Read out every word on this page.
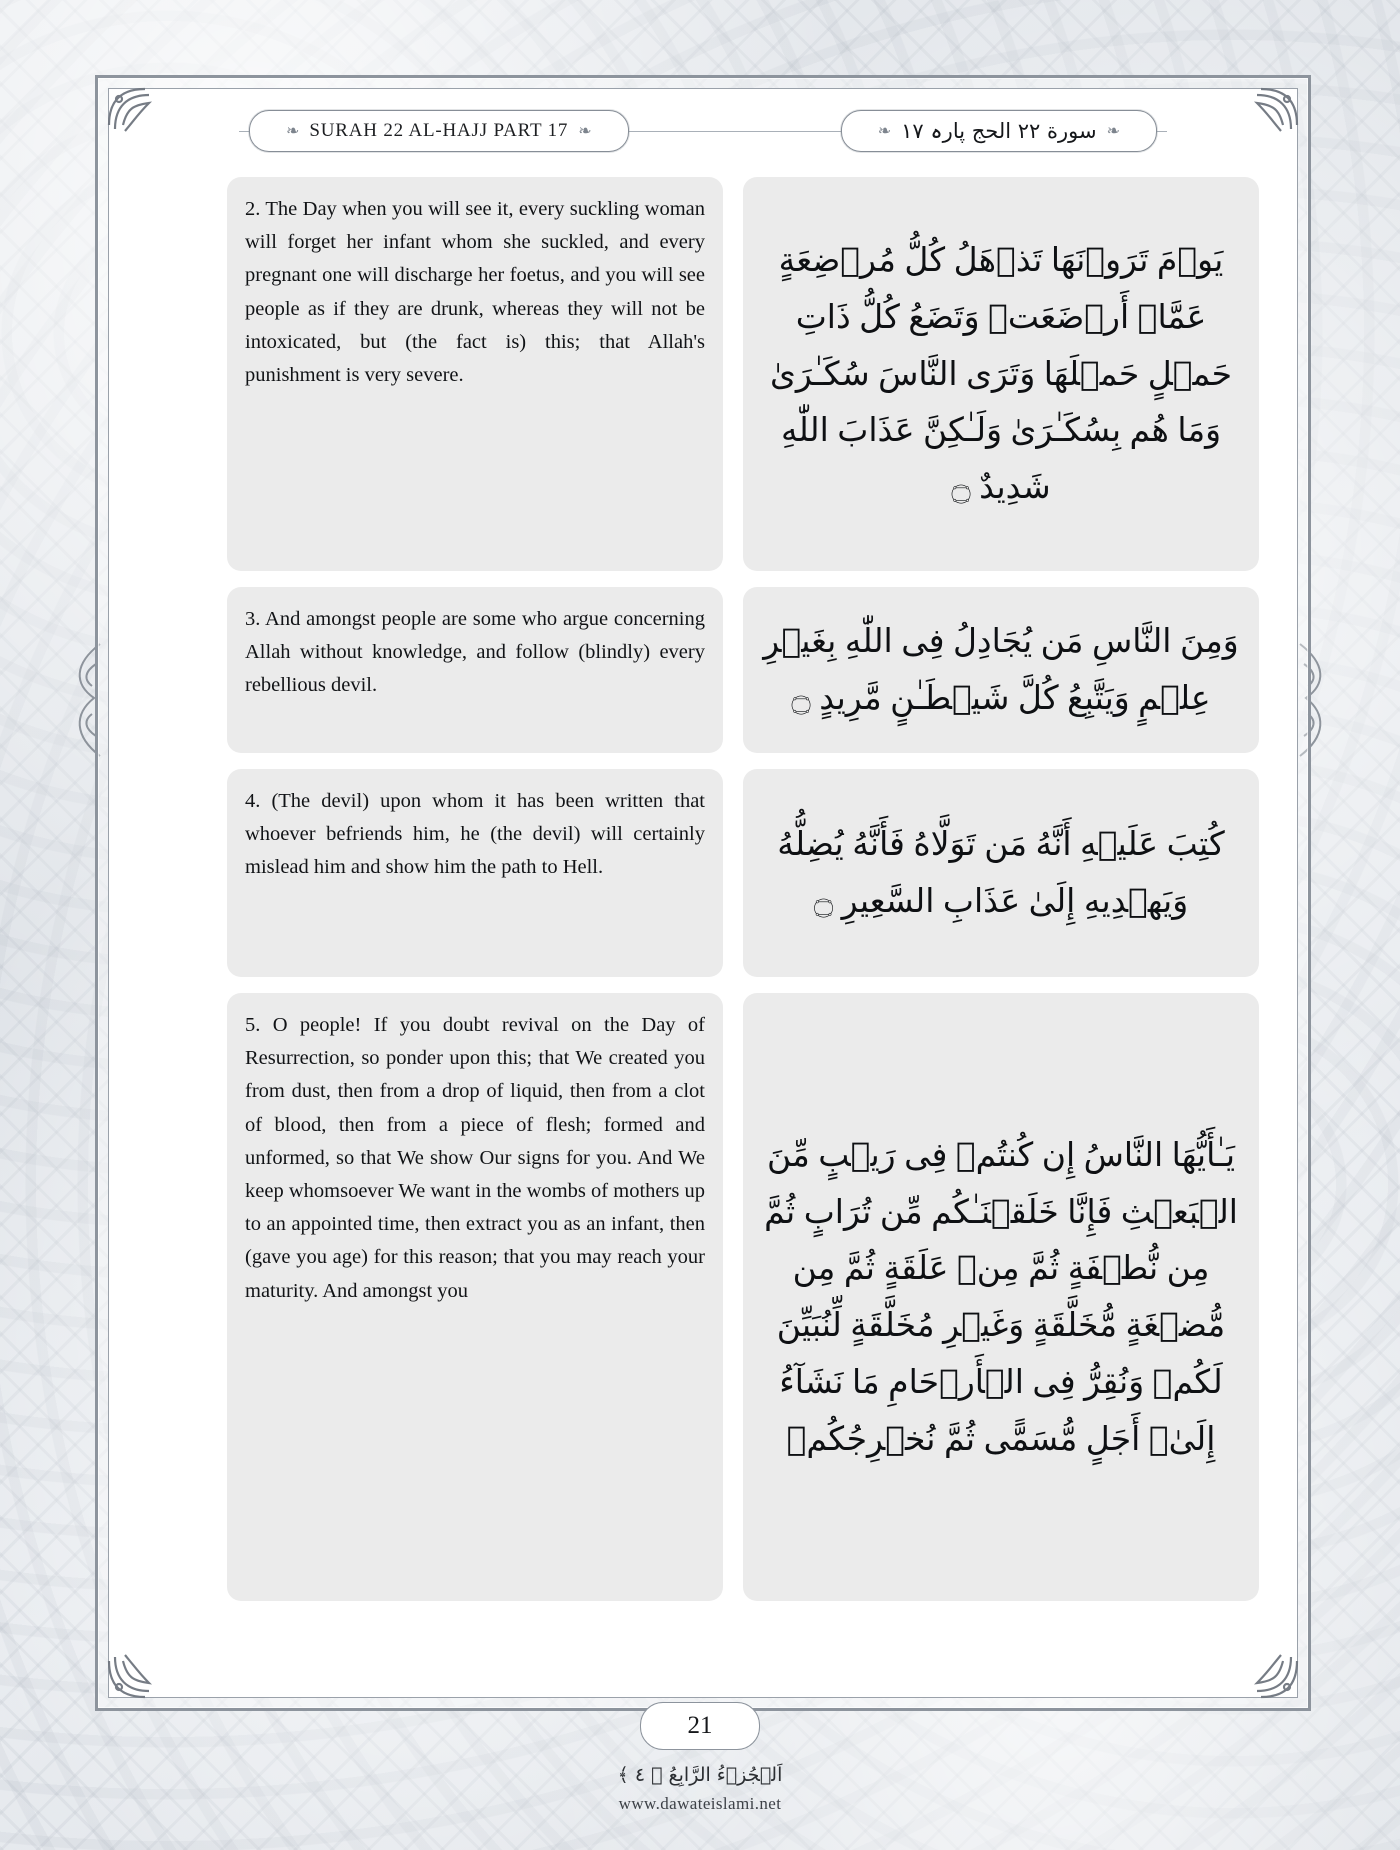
❧ SURAH 22 AL-HAJJ PART 17 ❧	❧ سورة ٢٢ الحج پارہ ١٧ ❧
يَوۡمَ تَرَوۡنَهَا تَذۡهَلُ كُلُّ مُرۡضِعَةٍ عَمَّاۤ أَرۡضَعَتۡ وَتَضَعُ كُلُّ ذَاتِ حَمۡلٍ حَمۡلَهَا وَتَرَى النَّاسَ سُكَـٰرَىٰ وَمَا هُم بِسُكَـٰرَىٰ وَلَـٰكِنَّ عَذَابَ اللّٰهِ شَدِيدٌ ۝
وَمِنَ النَّاسِ مَن يُجَادِلُ فِى اللّٰهِ بِغَيۡرِ عِلۡمٍ وَيَتَّبِعُ كُلَّ شَيۡطَـٰنٍ مَّرِيدٍ ۝
كُتِبَ عَلَيۡهِ أَنَّهُ مَن تَوَلَّاهُ فَأَنَّهُ يُضِلُّهُ وَيَهۡدِيهِ إِلَىٰ عَذَابِ السَّعِيرِ ۝
يَـٰأَيُّهَا النَّاسُ إِن كُنتُمۡ فِى رَيۡبٍ مِّنَ الۡبَعۡثِ فَإِنَّا خَلَقۡنَـٰكُم مِّن تُرَابٍ ثُمَّ مِن نُّطۡفَةٍ ثُمَّ مِنۡ عَلَقَةٍ ثُمَّ مِن مُّضۡغَةٍ مُّخَلَّقَةٍ وَغَيۡرِ مُخَلَّقَةٍ لِّنُبَيِّنَ لَكُمۡ وَنُقِرُّ فِى الۡأَرۡحَامِ مَا نَشَآءُ إِلَىٰۤ أَجَلٍ مُّسَمًّى ثُمَّ نُخۡرِجُكُمۡ
2. The Day when you will see it, every suckling woman will forget her infant whom she suckled, and every pregnant one will discharge her foetus, and you will see people as if they are drunk, whereas they will not be intoxicated, but (the fact is) this; that Allah's punishment is very severe.
3. And amongst people are some who argue concerning Allah without knowledge, and follow (blindly) every rebellious devil.
4. (The devil) upon whom it has been written that whoever befriends him, he (the devil) will certainly mislead him and show him the path to Hell.
5. O people! If you doubt revival on the Day of Resurrection, so ponder upon this; that We created you from dust, then from a drop of liquid, then from a clot of blood, then from a piece of flesh; formed and unformed, so that We show Our signs for you. And We keep whomsoever We want in the wombs of mothers up to an appointed time, then extract you as an infant, then (gave you age) for this reason; that you may reach your maturity. And amongst you
21
اَلۡجُزۡءُ الرَّابِعُ ﴿ ٤ ﴾
www.dawateislami.net
